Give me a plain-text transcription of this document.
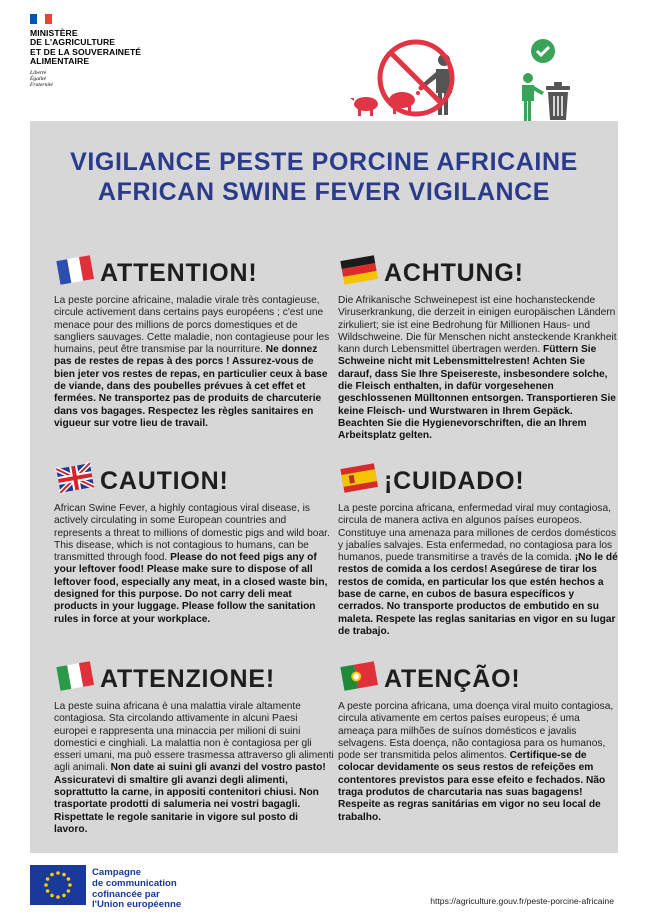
MINISTÈRE
DE L'AGRICULTURE
ET DE LA SOUVERAINETÉ
ALIMENTAIRE
Liberté
Égalité
Fraternité
VIGILANCE PESTE PORCINE AFRICAINE
AFRICAN SWINE FEVER VIGILANCE
ATTENTION!
La peste porcine africaine, maladie virale très contagieuse, circule activement dans certains pays européens ; c'est une menace pour des millions de porcs domestiques et de sangliers sauvages. Cette maladie, non contagieuse pour les humains, peut être transmise par la nourriture. Ne donnez pas de restes de repas à des porcs ! Assurez-vous de bien jeter vos restes de repas, en particulier ceux à base de viande, dans des poubelles prévues à cet effet et fermées. Ne transportez pas de produits de charcuterie dans vos bagages. Respectez les règles sanitaires en vigueur sur votre lieu de travail.
ACHTUNG!
Die Afrikanische Schweinepest ist eine hochansteckende Viruserkrankung, die derzeit in einigen europäischen Ländern zirkuliert; sie ist eine Bedrohung für Millionen Haus- und Wildschweine. Die für Menschen nicht ansteckende Krankheit kann durch Lebensmittel übertragen werden. Füttern Sie Schweine nicht mit Lebensmittelresten! Achten Sie darauf, dass Sie Ihre Speisereste, insbesondere solche, die Fleisch enthalten, in dafür vorgesehenen geschlossenen Mülltonnen entsorgen. Transportieren Sie keine Fleisch- und Wurstwaren in Ihrem Gepäck. Beachten Sie die Hygienevorschriften, die an Ihrem Arbeitsplatz gelten.
CAUTION!
African Swine Fever, a highly contagious viral disease, is actively circulating in some European countries and represents a threat to millions of domestic pigs and wild boar. This disease, which is not contagious to humans, can be transmitted through food. Please do not feed pigs any of your leftover food! Please make sure to dispose of all leftover food, especially any meat, in a closed waste bin, designed for this purpose. Do not carry deli meat products in your luggage. Please follow the sanitation rules in force at your workplace.
¡CUIDADO!
La peste porcina africana, enfermedad viral muy contagiosa, circula de manera activa en algunos países europeos. Constituye una amenaza para millones de cerdos domésticos y jabalíes salvajes. Esta enfermedad, no contagiosa para los humanos, puede transmitirse a través de la comida. ¡No le dé restos de comida a los cerdos! Asegúrese de tirar los restos de comida, en particular los que estén hechos a base de carne, en cubos de basura específicos y cerrados. No transporte productos de embutido en su maleta. Respete las reglas sanitarias en vigor en su lugar de trabajo.
ATTENZIONE!
La peste suina africana è una malattia virale altamente contagiosa. Sta circolando attivamente in alcuni Paesi europei e rappresenta una minaccia per milioni di suini domestici e cinghiali. La malattia non è contagiosa per gli esseri umani, ma può essere trasmessa attraverso gli alimenti agli animali. Non date ai suini gli avanzi del vostro pasto! Assicuratevi di smaltire gli avanzi degli alimenti, soprattutto la carne, in appositi contenitori chiusi. Non trasportate prodotti di salumeria nei vostri bagagli. Rispettate le regole sanitarie in vigore sul posto di lavoro.
ATENÇÃO!
A peste porcina africana, uma doença viral muito contagiosa, circula ativamente em certos países europeus; é uma ameaça para milhões de suínos domésticos e javalis selvagens. Esta doença, não contagiosa para os humanos, pode ser transmitida pelos alimentos. Certifique-se de colocar devidamente os seus restos de refeições em contentores previstos para esse efeito e fechados. Não traga produtos de charcutaria nas suas bagagens! Respeite as regras sanitárias em vigor no seu local de trabalho.
Campagne
de communication
cofinancée par
l'Union européenne	https://agriculture.gouv.fr/peste-porcine-africaine
